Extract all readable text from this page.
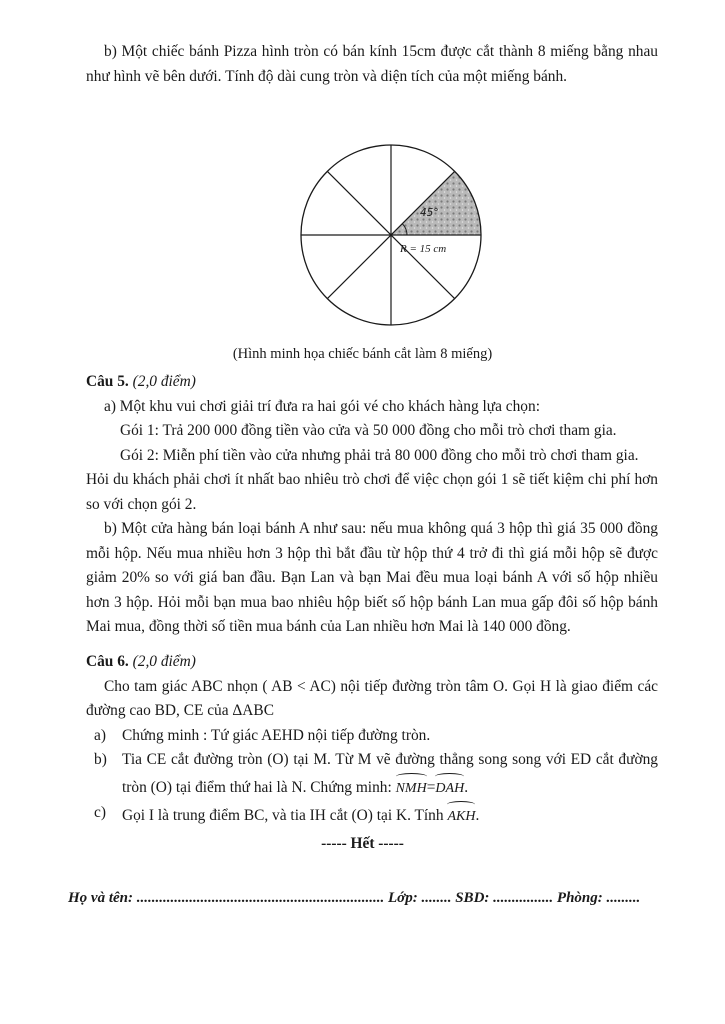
b) Một chiếc bánh Pizza hình tròn có bán kính 15cm được cắt thành 8 miếng bằng nhau như hình vẽ bên dưới. Tính độ dài cung tròn và diện tích của một miếng bánh.

45°
R = 15 cm
(Hình minh họa chiếc bánh cắt làm 8 miếng)

Câu 5. (2,0 điểm)

a) Một khu vui chơi giải trí đưa ra hai gói vé cho khách hàng lựa chọn:

Gói 1: Trả 200 000 đồng tiền vào cửa và 50 000 đồng cho mỗi trò chơi tham gia.

Gói 2: Miễn phí tiền vào cửa nhưng phải trả 80 000 đồng cho mỗi trò chơi tham gia.

Hỏi du khách phải chơi ít nhất bao nhiêu trò chơi để việc chọn gói 1 sẽ tiết kiệm chi phí hơn so với chọn gói 2.

b) Một cửa hàng bán loại bánh A như sau: nếu mua không quá 3 hộp thì giá 35 000 đồng mỗi hộp. Nếu mua nhiều hơn 3 hộp thì bắt đầu từ hộp thứ 4 trở đi thì giá mỗi hộp sẽ được giảm 20% so với giá ban đầu. Bạn Lan và bạn Mai đều mua loại bánh A với số hộp nhiều hơn 3 hộp. Hỏi mỗi bạn mua bao nhiêu hộp biết số hộp bánh Lan mua gấp đôi số hộp bánh Mai mua, đồng thời số tiền mua bánh của Lan nhiều hơn Mai là 140 000 đồng.

Câu 6. (2,0 điểm)

Cho tam giác ABC nhọn ( AB < AC) nội tiếp đường tròn tâm O. Gọi H là giao điểm các đường cao BD, CE của ΔABC

a) Chứng minh : Tứ giác AEHD nội tiếp đường tròn.
b) Tia CE cắt đường tròn (O) tại M. Từ M vẽ đường thẳng song song với ED cắt đường tròn (O) tại điểm thứ hai là N. Chứng minh: NMH=DAH.
c) Gọi I là trung điểm BC, và tia IH cắt (O) tại K. Tính AKH.
----- Hết -----
Họ và tên: .................................................................. Lớp: ........ SBD: ................ Phòng: .........
